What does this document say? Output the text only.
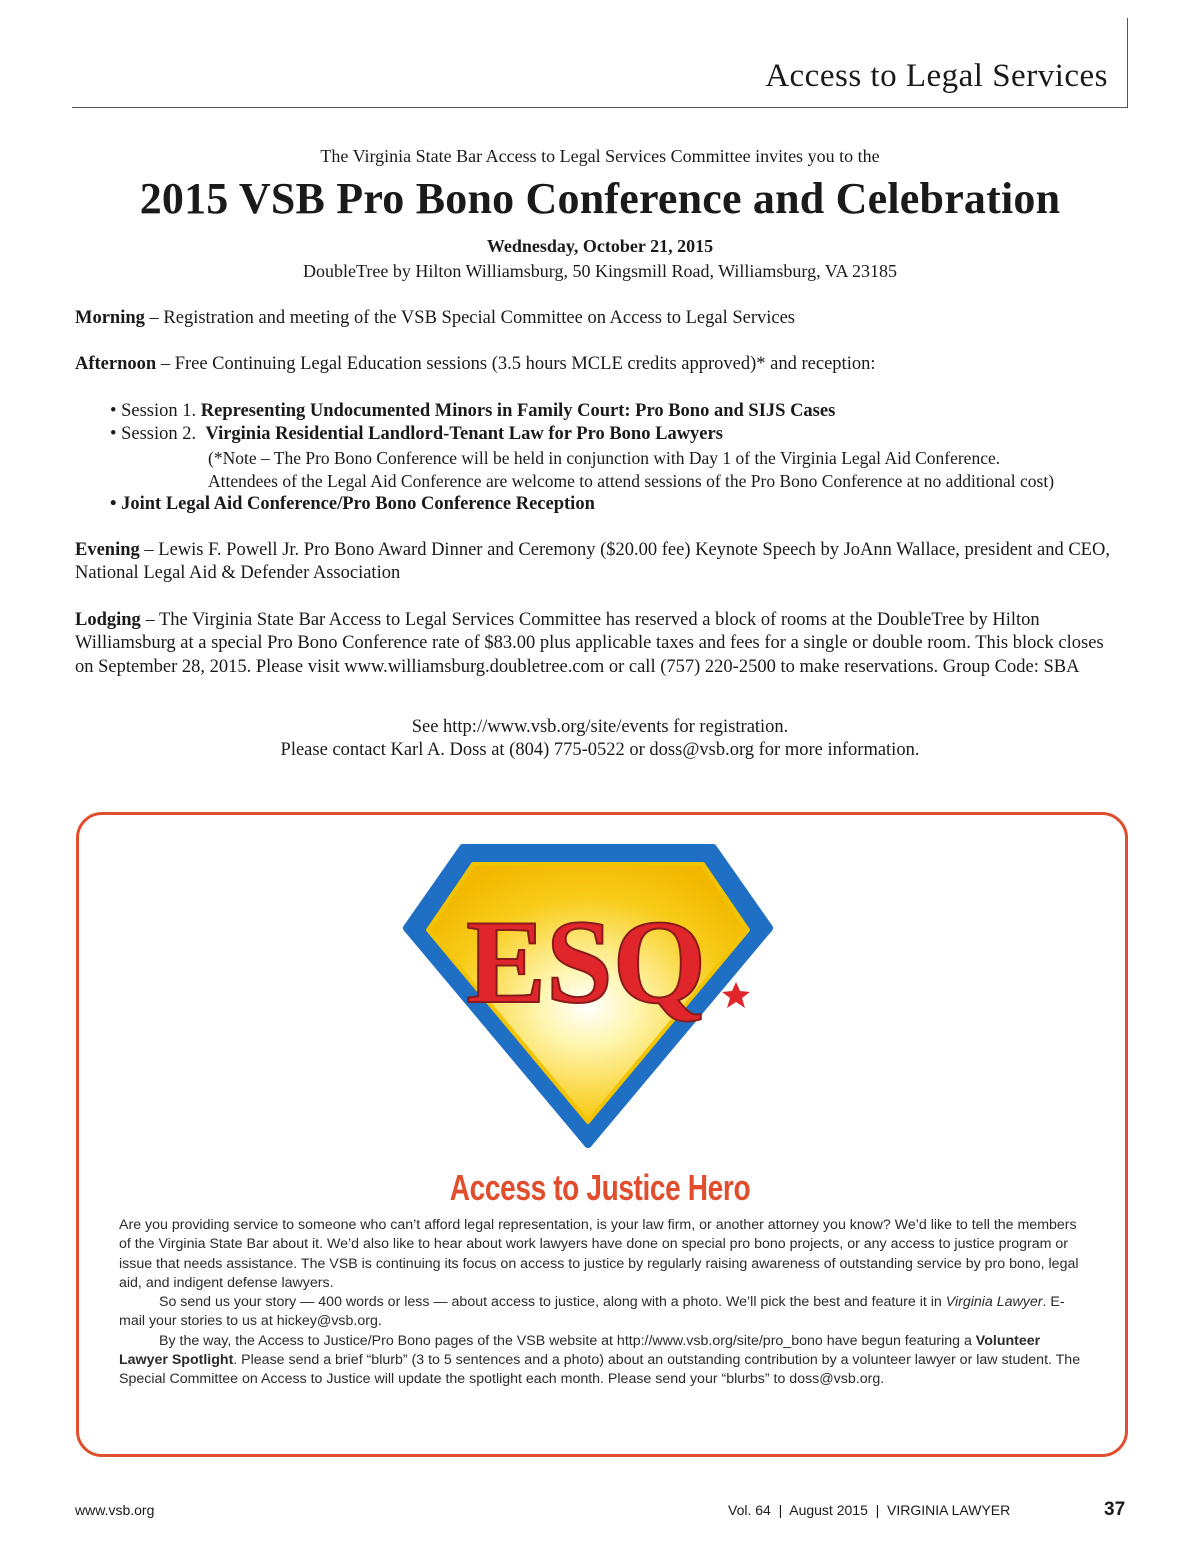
Access to Legal Services
The Virginia State Bar Access to Legal Services Committee invites you to the
2015 VSB Pro Bono Conference and Celebration
Wednesday, October 21, 2015
DoubleTree by Hilton Williamsburg, 50 Kingsmill Road, Williamsburg, VA 23185
Morning – Registration and meeting of the VSB Special Committee on Access to Legal Services
Afternoon – Free Continuing Legal Education sessions (3.5 hours MCLE credits approved)* and reception:
• Session 1. Representing Undocumented Minors in Family Court: Pro Bono and SIJS Cases
• Session 2.  Virginia Residential Landlord-Tenant Law for Pro Bono Lawyers
(*Note – The Pro Bono Conference will be held in conjunction with Day 1 of the Virginia Legal Aid Conference.
Attendees of the Legal Aid Conference are welcome to attend sessions of the Pro Bono Conference at no additional cost)
• Joint Legal Aid Conference/Pro Bono Conference Reception
Evening – Lewis F. Powell Jr. Pro Bono Award Dinner and Ceremony ($20.00 fee) Keynote Speech by JoAnn Wallace, president and CEO, National Legal Aid & Defender Association
Lodging – The Virginia State Bar Access to Legal Services Committee has reserved a block of rooms at the DoubleTree by Hilton Williamsburg at a special Pro Bono Conference rate of $83.00 plus applicable taxes and fees for a single or double room. This block closes on September 28, 2015. Please visit www.williamsburg.doubletree.com or call (757) 220-2500 to make reservations. Group Code: SBA
See http://www.vsb.org/site/events for registration.
Please contact Karl A. Doss at (804) 775-0522 or doss@vsb.org for more information.
ESQ
Access to Justice Hero

Are you providing service to someone who can’t afford legal representation, is your law firm, or another attorney you know? We’d like to tell the members of the Virginia State Bar about it. We’d also like to hear about work lawyers have done on special pro bono projects, or any access to justice program or issue that needs assistance. The VSB is continuing its focus on access to justice by regularly raising awareness of outstanding service by pro bono, legal aid, and indigent defense lawyers.

So send us your story — 400 words or less — about access to justice, along with a photo. We’ll pick the best and feature it in Virginia Lawyer. E-mail your stories to us at hickey@vsb.org.

By the way, the Access to Justice/Pro Bono pages of the VSB website at http://www.vsb.org/site/pro_bono have begun featuring a Volunteer Lawyer Spotlight. Please send a brief “blurb” (3 to 5 sentences and a photo) about an outstanding contribution by a volunteer lawyer or law student. The Special Committee on Access to Justice will update the spotlight each month. Please send your “blurbs” to doss@vsb.org.

www.vsb.org	Vol. 64  |  August 2015  |  VIRGINIA LAWYER	37
